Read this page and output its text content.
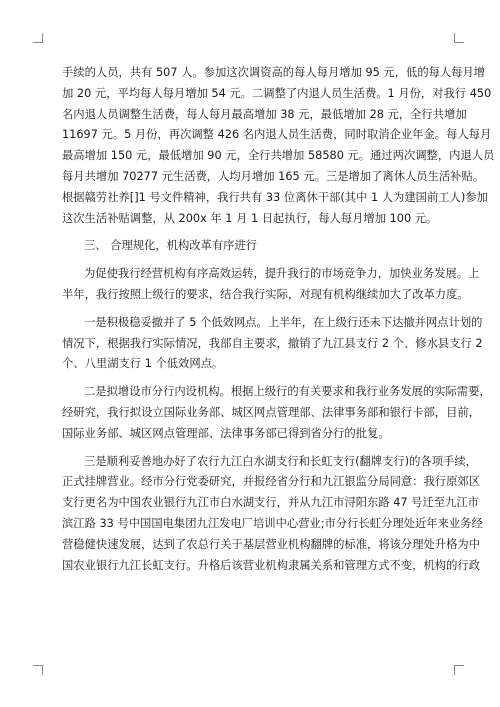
手续的人员，共有 507 人。参加这次调资高的每人每月增加 95 元，低的每人每月增
加 20 元，平均每人每月增加 54 元。二调整了内退人员生活费。1 月份，对我行 450
名内退人员调整生活费，每人每月最高增加 38 元，最低增加 28 元，全行共增加
11697 元。5 月份，再次调整 426 名内退人员生活费，同时取消企业年金。每人每月
最高增加 150 元，最低增加 90 元，全行共增加 58580 元。通过两次调整，内退人员
每月共增加 70277 元生活费，人均月增加 165 元。三是增加了离休人员生活补贴。
根据赣劳社养[]1 号文件精神，我行共有 33 位离休干部(其中 1 人为建国前工人)参加
这次生活补贴调整，从 200x 年 1 月 1 日起执行，每人每月增加 100 元。
三、 合理规化，机构改革有序进行
为促使我行经营机构有序高效运转，提升我行的市场竞争力，加快业务发展。上
半年，我行按照上级行的要求，结合我行实际，对现有机构继续加大了改革力度。
一是积极稳妥撤并了 5 个低效网点。上半年，在上级行还未下达撤并网点计划的
情况下，根据我行实际情况，我部自主要求，撤销了九江县支行 2 个、修水县支行 2
个、八里湖支行 1 个低效网点。
二是拟增设市分行内设机构。根据上级行的有关要求和我行业务发展的实际需要，
经研究，我行拟设立国际业务部、城区网点管理部、法律事务部和银行卡部，目前，
国际业务部、城区网点管理部、法律事务部已得到省分行的批复。
三是顺利妥善地办好了农行九江白水湖支行和长虹支行(翻牌支行)的各项手续，
正式挂牌营业。经市分行党委研究，并报经省分行和九江银监分局同意：我行原郊区
支行更名为中国农业银行九江市白水湖支行，并从九江市浔阳东路 47 号迁至九江市
滨江路 33 号中国国电集团九江发电厂培训中心营业;市分行长虹分理处近年来业务经
营稳健快速发展，达到了农总行关于基层营业机构翻牌的标准，将该分理处升格为中
国农业银行九江长虹支行。升格后该营业机构隶属关系和管理方式不变，机构的行政
